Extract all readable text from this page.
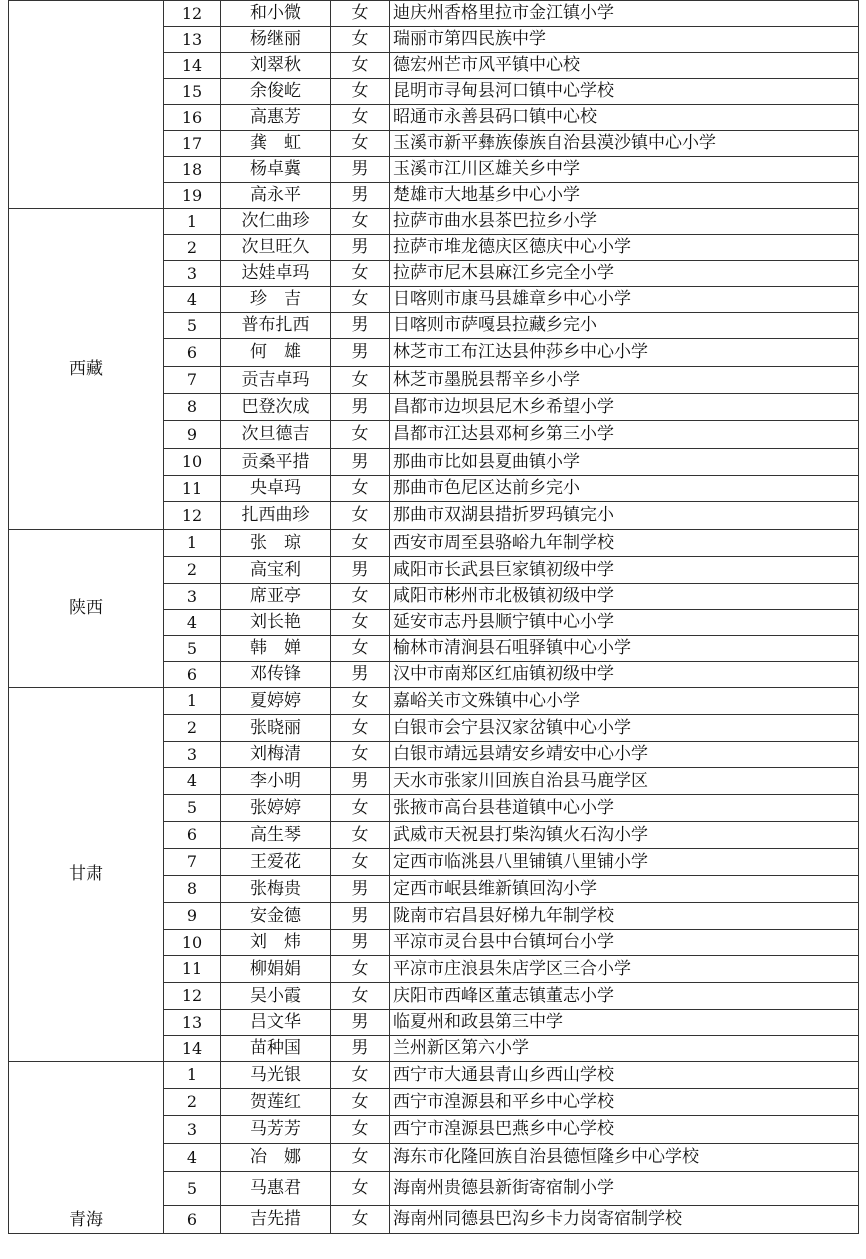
	12	和小微	女	迪庆州香格里拉市金江镇小学
	13	杨继丽	女	瑞丽市第四民族中学
	14	刘翠秋	女	德宏州芒市风平镇中心校
	15	余俊屹	女	昆明市寻甸县河口镇中心学校
	16	高惠芳	女	昭通市永善县码口镇中心校
	17	龚　虹	女	玉溪市新平彝族傣族自治县漠沙镇中心小学
	18	杨卓冀	男	玉溪市江川区雄关乡中学
	19	高永平	男	楚雄市大地基乡中心小学
西藏	1	次仁曲珍	女	拉萨市曲水县茶巴拉乡小学
	2	次旦旺久	男	拉萨市堆龙德庆区德庆中心小学
	3	达娃卓玛	女	拉萨市尼木县麻江乡完全小学
	4	珍　吉	女	日喀则市康马县雄章乡中心小学
	5	普布扎西	男	日喀则市萨嘎县拉藏乡完小
	6	何　雄	男	林芝市工布江达县仲莎乡中心小学
	7	贡吉卓玛	女	林芝市墨脱县帮辛乡小学
	8	巴登次成	男	昌都市边坝县尼木乡希望小学
	9	次旦德吉	女	昌都市江达县邓柯乡第三小学
	10	贡桑平措	男	那曲市比如县夏曲镇小学
	11	央卓玛	女	那曲市色尼区达前乡完小
	12	扎西曲珍	女	那曲市双湖县措折罗玛镇完小
陕西	1	张　琼	女	西安市周至县骆峪九年制学校
	2	高宝利	男	咸阳市长武县巨家镇初级中学
	3	席亚亭	女	咸阳市彬州市北极镇初级中学
	4	刘长艳	女	延安市志丹县顺宁镇中心小学
	5	韩　婵	女	榆林市清涧县石咀驿镇中心小学
	6	邓传锋	男	汉中市南郑区红庙镇初级中学
甘肃	1	夏婷婷	女	嘉峪关市文殊镇中心小学
	2	张晓丽	女	白银市会宁县汉家岔镇中心小学
	3	刘梅清	女	白银市靖远县靖安乡靖安中心小学
	4	李小明	男	天水市张家川回族自治县马鹿学区
	5	张婷婷	女	张掖市高台县巷道镇中心小学
	6	高生琴	女	武威市天祝县打柴沟镇火石沟小学
	7	王爱花	女	定西市临洮县八里铺镇八里铺小学
	8	张梅贵	男	定西市岷县维新镇回沟小学
	9	安金德	男	陇南市宕昌县好梯九年制学校
	10	刘　炜	男	平凉市灵台县中台镇坷台小学
	11	柳娟娟	女	平凉市庄浪县朱店学区三合小学
	12	吴小霞	女	庆阳市西峰区董志镇董志小学
	13	吕文华	男	临夏州和政县第三中学
	14	苗种国	男	兰州新区第六小学
青海	1	马光银	女	西宁市大通县青山乡西山学校
	2	贺莲红	女	西宁市湟源县和平乡中心学校
	3	马芳芳	女	西宁市湟源县巴燕乡中心学校
	4	冶　娜	女	海东市化隆回族自治县德恒隆乡中心学校
	5	马惠君	女	海南州贵德县新街寄宿制小学
	6	吉先措	女	海南州同德县巴沟乡卡力岗寄宿制学校
